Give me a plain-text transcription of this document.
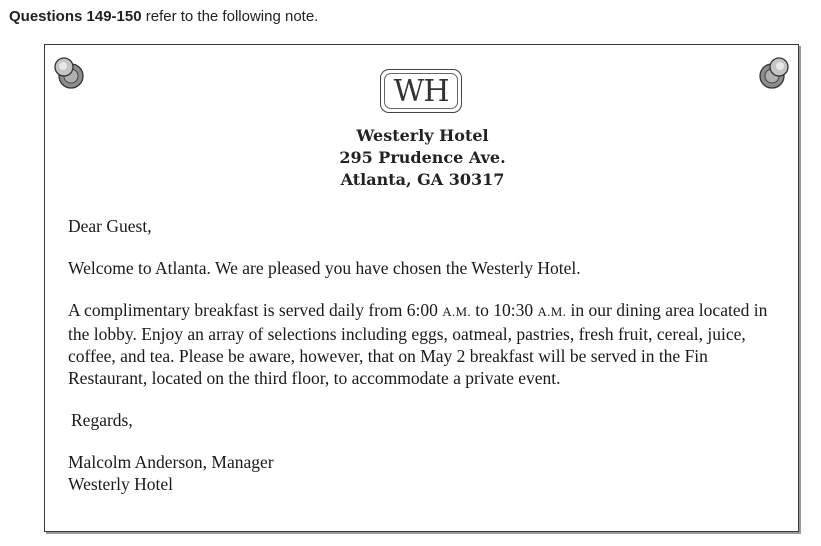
Questions 149-150 refer to the following note.
WH
Westerly Hotel
295 Prudence Ave.
Atlanta, GA 30317

Dear Guest,

Welcome to Atlanta. We are pleased you have chosen the Westerly Hotel.

A complimentary breakfast is served daily from 6:00 A.M. to 10:30 A.M. in our dining area located in the lobby. Enjoy an array of selections including eggs, oatmeal, pastries, fresh fruit, cereal, juice, coffee, and tea. Please be aware, however, that on May 2 breakfast will be served in the Fin Restaurant, located on the third floor, to accommodate a private event.

Regards,

Malcolm Anderson, Manager

Westerly Hotel
